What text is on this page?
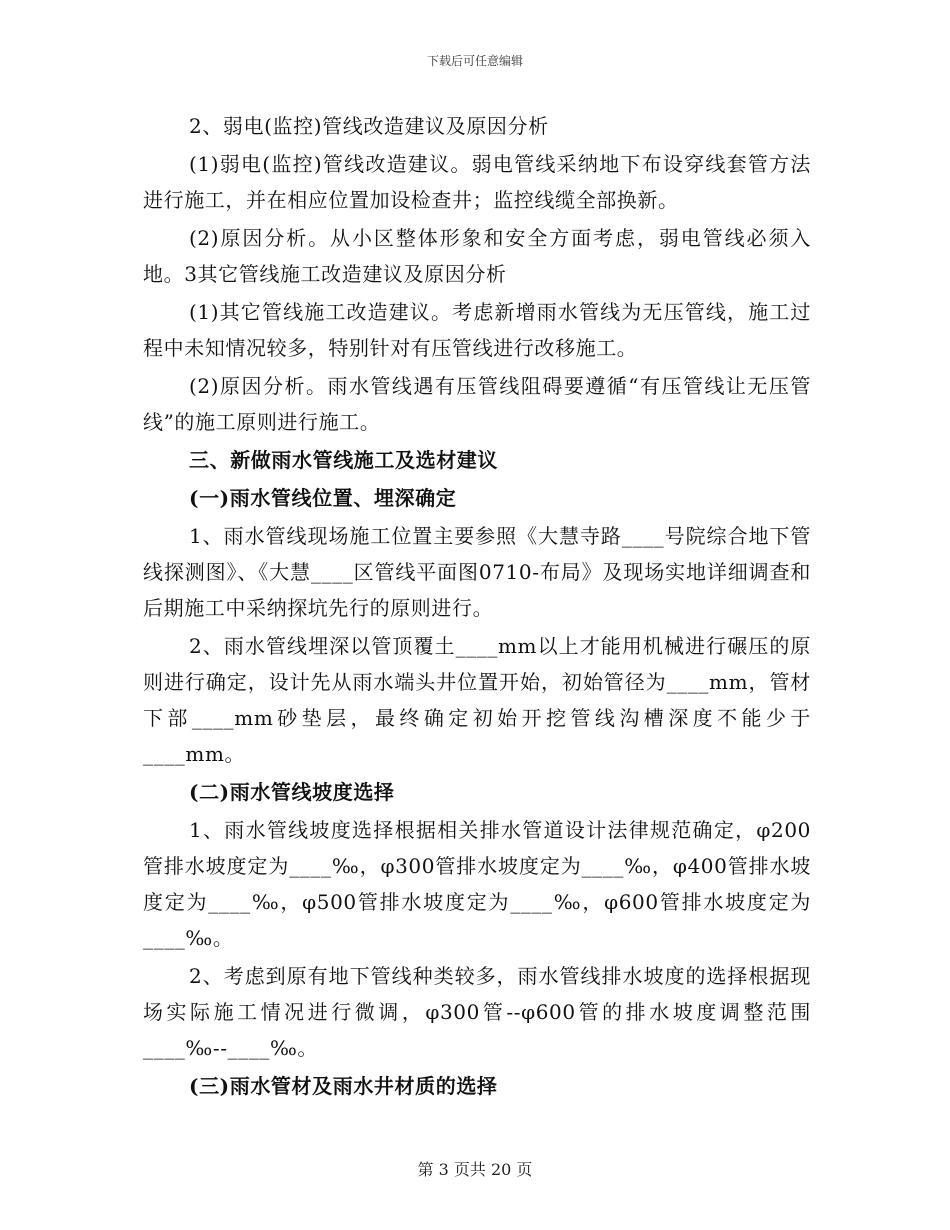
下载后可任意编辑

2、弱电(监控)管线改造建议及原因分析

(1)弱电(监控)管线改造建议。弱电管线采纳地下布设穿线套管方法进行施工，并在相应位置加设检查井；监控线缆全部换新。

(2)原因分析。从小区整体形象和安全方面考虑，弱电管线必须入地。3其它管线施工改造建议及原因分析

(1)其它管线施工改造建议。考虑新增雨水管线为无压管线，施工过程中未知情况较多，特别针对有压管线进行改移施工。

(2)原因分析。雨水管线遇有压管线阻碍要遵循“有压管线让无压管线”的施工原则进行施工。

三、新做雨水管线施工及选材建议

(一)雨水管线位置、埋深确定

1、雨水管线现场施工位置主要参照《大慧寺路____号院综合地下管线探测图》、《大慧____区管线平面图0710-布局》及现场实地详细调查和后期施工中采纳探坑先行的原则进行。

2、雨水管线埋深以管顶覆土____mm以上才能用机械进行碾压的原则进行确定，设计先从雨水端头井位置开始，初始管径为____mm，管材下部____mm砂垫层，最终确定初始开挖管线沟槽深度不能少于____mm。

(二)雨水管线坡度选择

1、雨水管线坡度选择根据相关排水管道设计法律规范确定，φ200管排水坡度定为____‰，φ300管排水坡度定为____‰，φ400管排水坡度定为____‰，φ500管排水坡度定为____‰，φ600管排水坡度定为____‰。

2、考虑到原有地下管线种类较多，雨水管线排水坡度的选择根据现场实际施工情况进行微调，φ300管--φ600管的排水坡度调整范围____‰--____‰。

(三)雨水管材及雨水井材质的选择

第 3 页共 20 页
